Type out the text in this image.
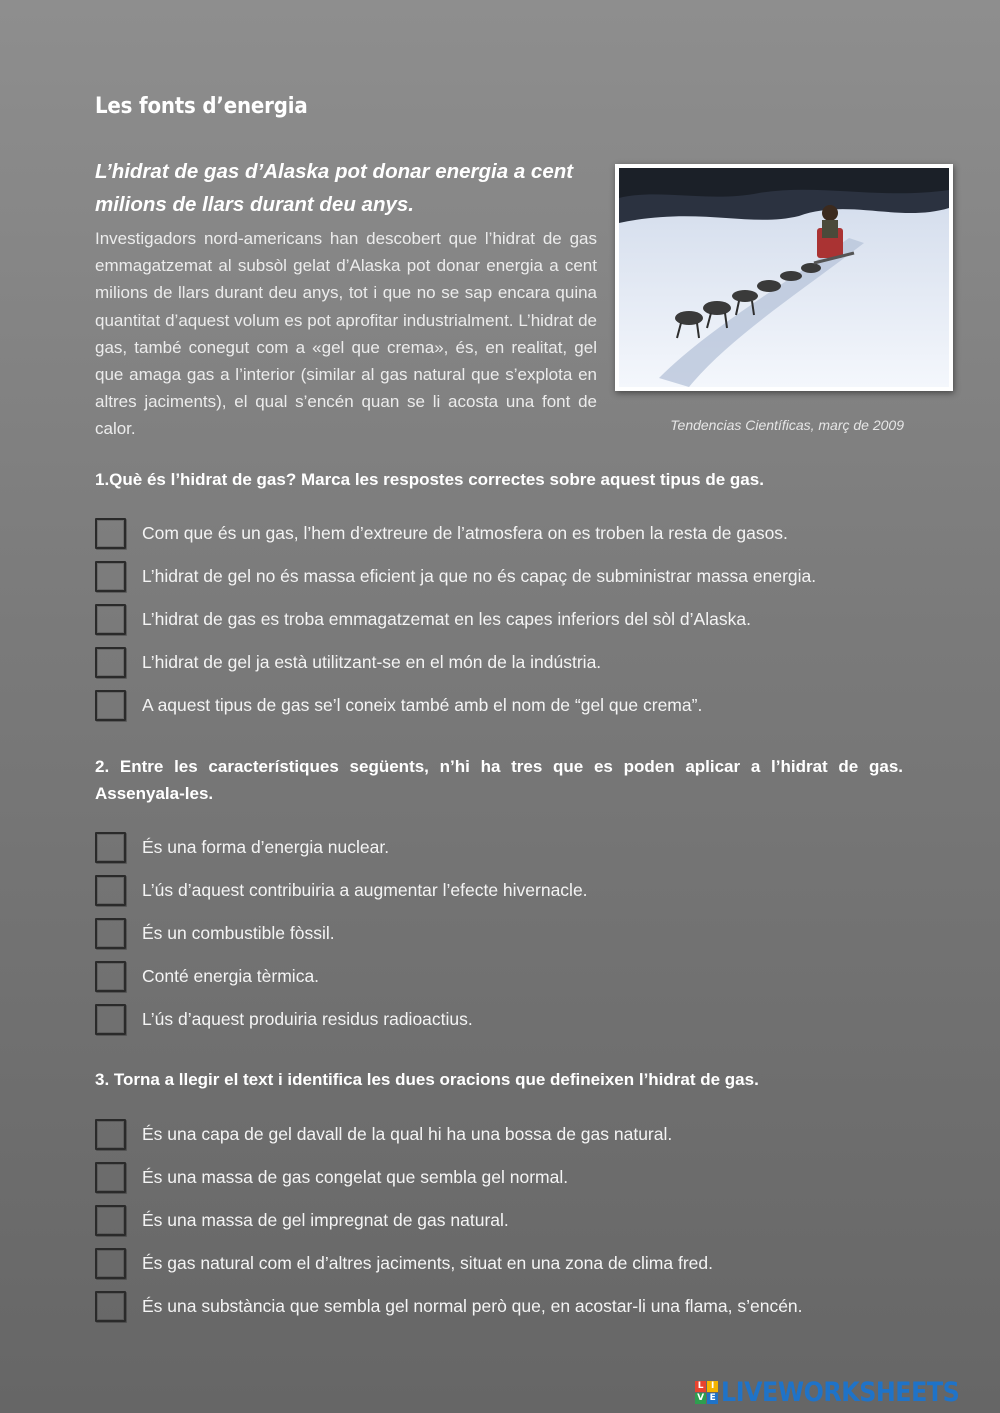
Les fonts d’energia
L’hidrat de gas d’Alaska pot donar energia a cent milions de llars durant deu anys.
Investigadors nord-americans han descobert que l’hidrat de gas emmagatzemat al subsòl gelat d’Alaska pot donar energia a cent milions de llars durant deu anys, tot i que no se sap encara quina quantitat d’aquest volum es pot aprofitar industrialment. L’hidrat de gas, també conegut com a «gel que crema», és, en realitat, gel que amaga gas a l’interior (similar al gas natural que s’explota en altres jaciments), el qual s’encén quan se li acosta una font de calor.	Tendencias Científicas, març de 2009
1.Què és l’hidrat de gas? Marca les respostes correctes sobre aquest tipus de gas.
Com que és un gas, l’hem d’extreure de l’atmosfera on es troben la resta de gasos.
L’hidrat de gel no és massa eficient ja que no és capaç de subministrar massa energia.
L’hidrat de gas es troba emmagatzemat en les capes inferiors del sòl d’Alaska.
L’hidrat de gel ja està utilitzant-se en el món de la indústria.
A aquest tipus de gas se’l coneix també amb el nom de “gel que crema”.
2. Entre les característiques següents, n’hi ha tres que es poden aplicar a l’hidrat de gas. Assenyala-les.
És una forma d’energia nuclear.
L’ús d’aquest contribuiria a augmentar l’efecte hivernacle.
És un combustible fòssil.
Conté energia tèrmica.
L’ús d’aquest produiria residus radioactius.
3. Torna a llegir el text i identifica les dues oracions que defineixen l’hidrat de gas.
És una capa de gel davall de la qual hi ha una bossa de gas natural.
És una massa de gas congelat que sembla gel normal.
És una massa de gel impregnat de gas natural.
És gas natural com el d’altres jaciments, situat en una zona de clima fred.
És una substància que sembla gel normal però que, en acostar-li una flama, s’encén.
L I
V E LIVEWORKSHEETS
